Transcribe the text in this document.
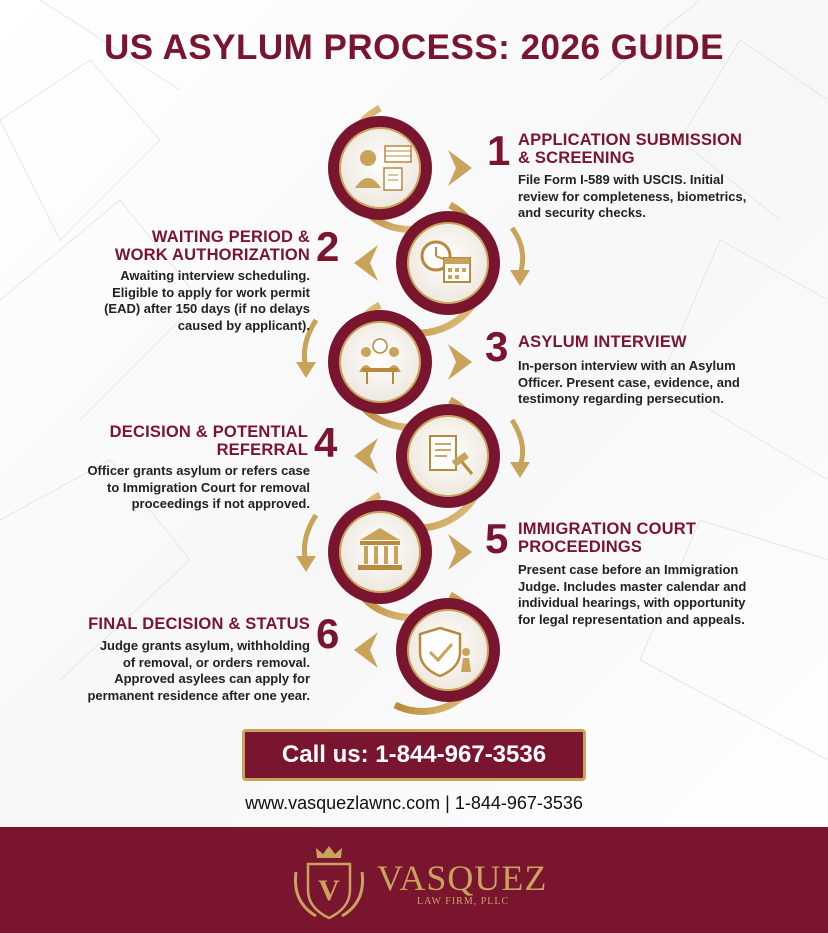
US ASYLUM PROCESS: 2026 GUIDE
1 APPLICATION SUBMISSION
& SCREENING
File Form I-589 with USCIS. Initial
review for completeness, biometrics,
and security checks.
2
WAITING PERIOD &
WORK AUTHORIZATION
Awaiting interview scheduling.
Eligible to apply for work permit
(EAD) after 150 days (if no delays
caused by applicant).	3 ASYLUM INTERVIEW
In-person interview with an Asylum
Officer. Present case, evidence, and
testimony regarding persecution.
4
DECISION & POTENTIAL
REFERRAL
Officer grants asylum or refers case
to Immigration Court for removal
proceedings if not approved.
5 IMMIGRATION COURT
PROCEEDINGS
Present case before an Immigration
Judge. Includes master calendar and
individual hearings, with opportunity
for legal representation and appeals.
6
FINAL DECISION & STATUS
Judge grants asylum, withholding
of removal, or orders removal.
Approved asylees can apply for
permanent residence after one year.
Call us: 1-844-967-3536
www.vasquezlawnc.com | 1-844-967-3536
V VASQUEZ
LAW FIRM, PLLC
